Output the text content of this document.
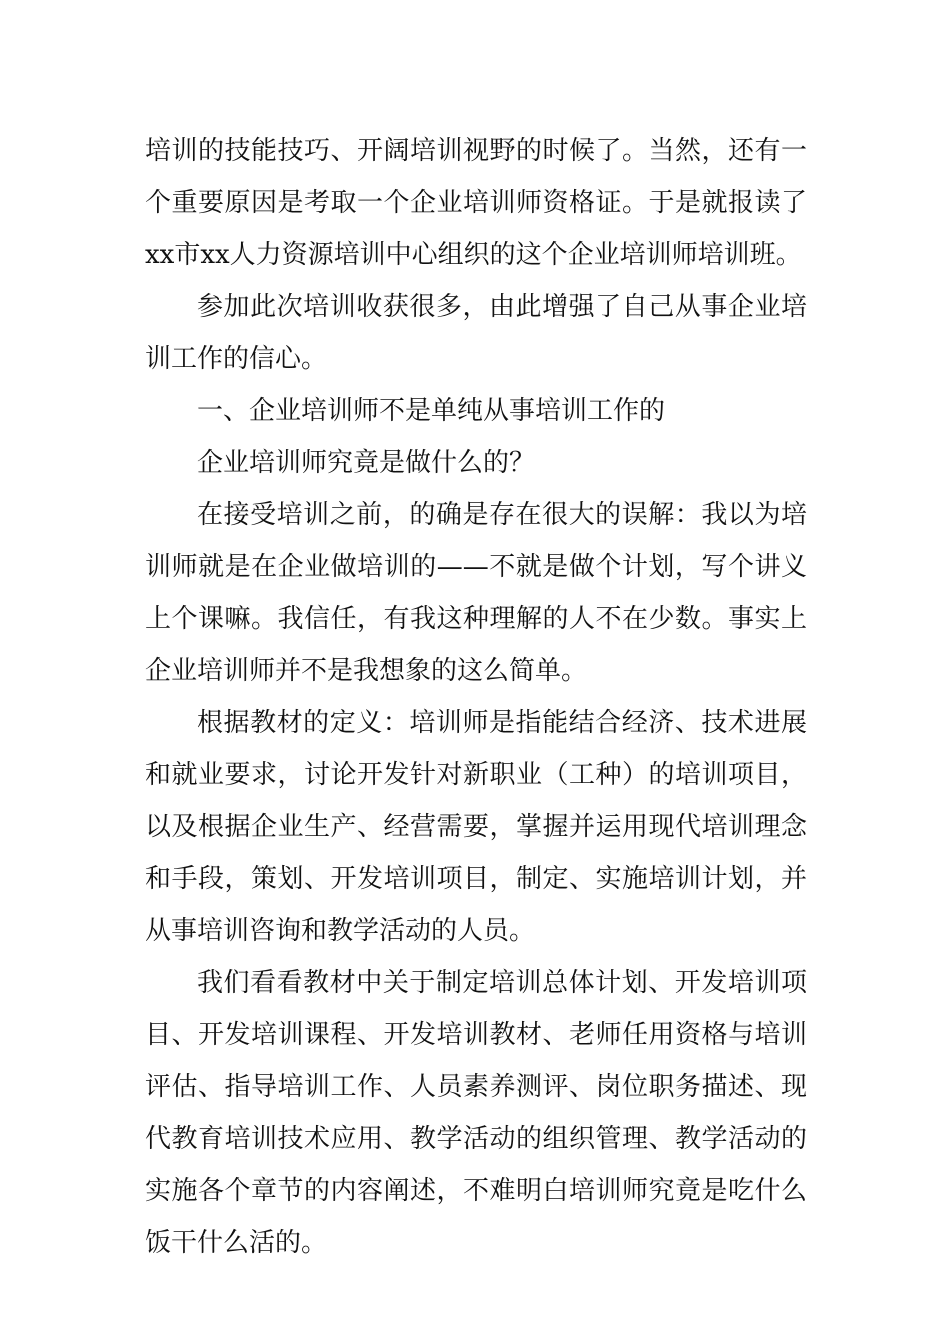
培训的技能技巧、开阔培训视野的时候了。当然，还有一个重要原因是考取一个企业培训师资格证。于是就报读了xx市xx人力资源培训中心组织的这个企业培训师培训班。

参加此次培训收获很多，由此增强了自己从事企业培训工作的信心。

一、企业培训师不是单纯从事培训工作的

企业培训师究竟是做什么的？

在接受培训之前，的确是存在很大的误解：我以为培训师就是在企业做培训的——不就是做个计划，写个讲义上个课嘛。我信任，有我这种理解的人不在少数。事实上企业培训师并不是我想象的这么简单。

根据教材的定义：培训师是指能结合经济、技术进展和就业要求，讨论开发针对新职业（工种）的培训项目，以及根据企业生产、经营需要，掌握并运用现代培训理念和手段，策划、开发培训项目，制定、实施培训计划，并从事培训咨询和教学活动的人员。

我们看看教材中关于制定培训总体计划、开发培训项目、开发培训课程、开发培训教材、老师任用资格与培训评估、指导培训工作、人员素养测评、岗位职务描述、现代教育培训技术应用、教学活动的组织管理、教学活动的实施各个章节的内容阐述，不难明白培训师究竟是吃什么饭干什么活的。
